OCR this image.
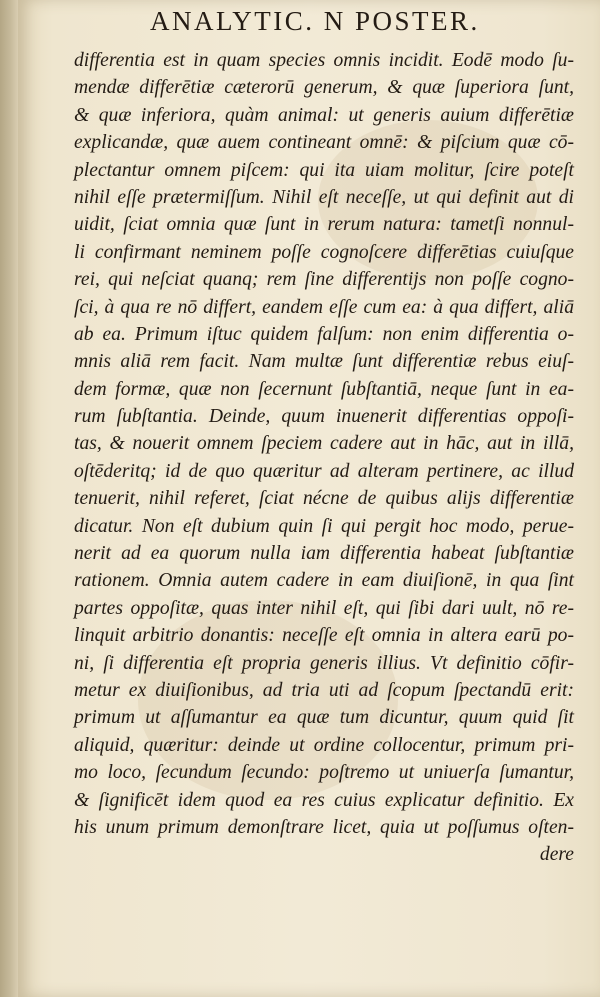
ANALYTIC. N POSTER.
differentia est in quam species omnis incidit. Eodē modo ſu-
mendæ differētiæ cæterorū generum, & quæ ſuperiora ſunt,
& quæ inferiora, quàm animal: ut generis auium differētiæ
explicandæ, quæ auem contineant omnē: & piſcium quæ cō-
plectantur omnem piſcem: qui ita uiam molitur, ſcire poteſt
nihil eſſe prætermiſſum. Nihil eſt neceſſe, ut qui definit aut di
uidit, ſciat omnia quæ ſunt in rerum natura: tametſi nonnul-
li confirmant neminem poſſe cognoſcere differētias cuiuſque
rei, qui neſciat quanq; rem ſine differentijs non poſſe cogno-
ſci, à qua re nō differt, eandem eſſe cum ea: à qua differt, aliā
ab ea. Primum iſtuc quidem falſum: non enim differentia o-
mnis aliā rem facit. Nam multæ ſunt differentiæ rebus eiuſ-
dem formæ, quæ non ſecernunt ſubſtantiā, neque ſunt in ea-
rum ſubſtantia. Deinde, quum inuenerit differentias oppoſi-
tas, & nouerit omnem ſpeciem cadere aut in hāc, aut in illā,
oſtēderitq; id de quo quæritur ad alteram pertinere, ac illud
tenuerit, nihil referet, ſciat nécne de quibus alijs differentiæ
dicatur. Non eſt dubium quin ſi qui pergit hoc modo, perue-
nerit ad ea quorum nulla iam differentia habeat ſubſtantiæ
rationem. Omnia autem cadere in eam diuiſionē, in qua ſint
partes oppoſitæ, quas inter nihil eſt, qui ſibi dari uult, nō re-
linquit arbitrio donantis: neceſſe eſt omnia in altera earū po-
ni, ſi differentia eſt propria generis illius. Vt definitio cōfir-
metur ex diuiſionibus, ad tria uti ad ſcopum ſpectandū erit:
primum ut aſſumantur ea quæ tum dicuntur, quum quid ſit
aliquid, quæritur: deinde ut ordine collocentur, primum pri-
mo loco, ſecundum ſecundo: poſtremo ut uniuerſa ſumantur,
& ſignificēt idem quod ea res cuius explicatur definitio. Ex
his unum primum demonſtrare licet, quia ut poſſumus oſten-
dere
